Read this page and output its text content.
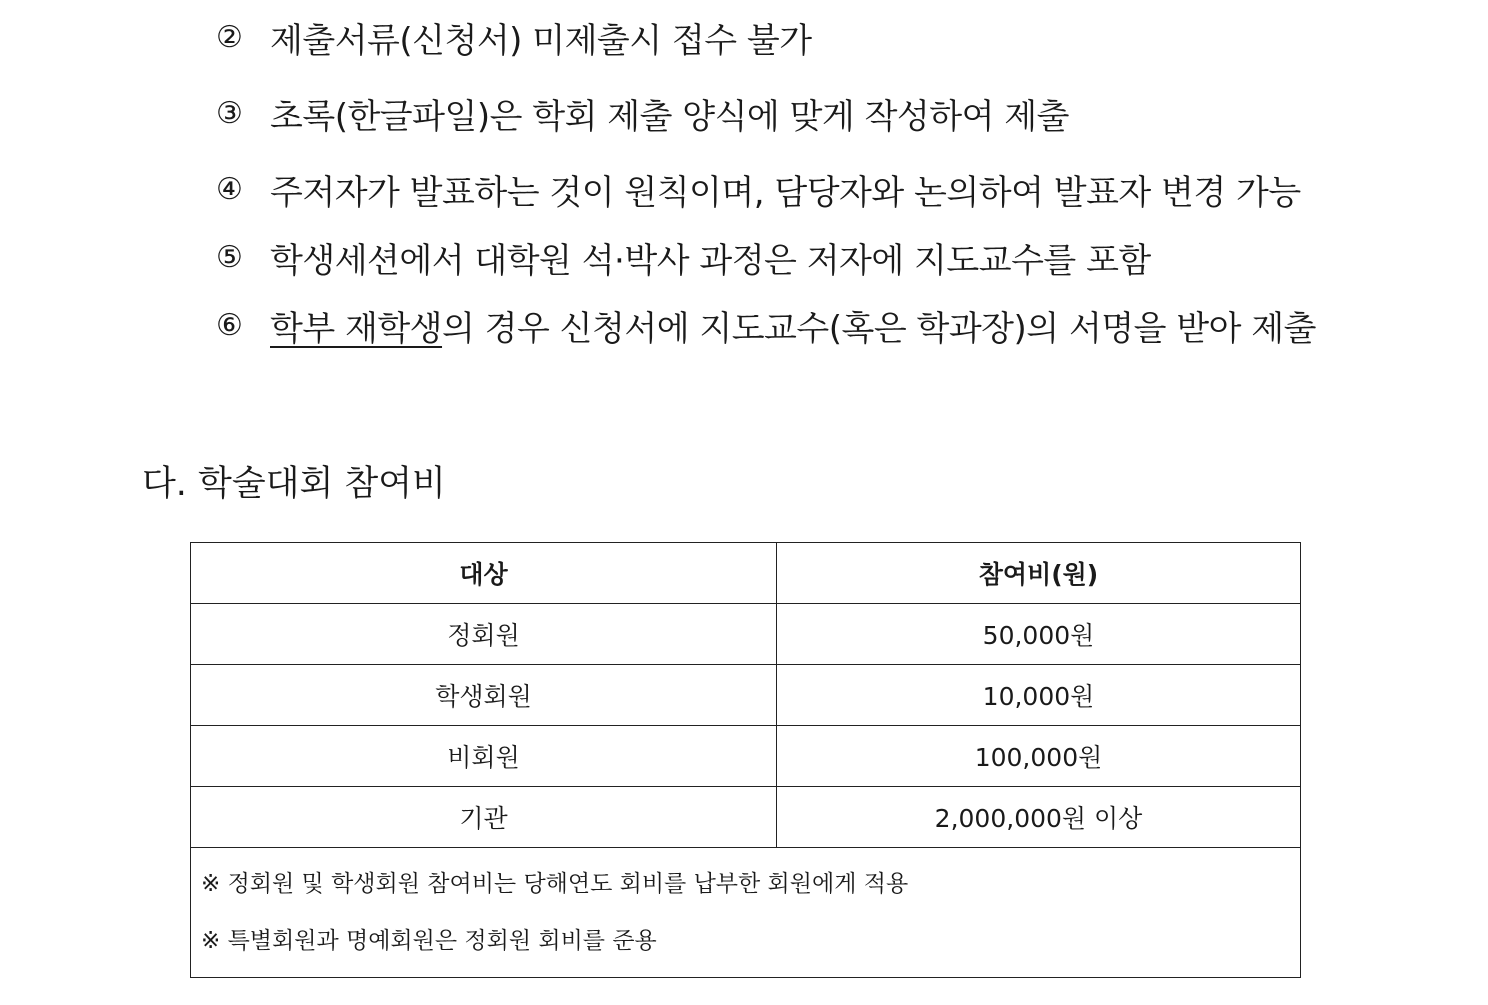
② 제출서류(신청서) 미제출시 접수 불가
③ 초록(한글파일)은 학회 제출 양식에 맞게 작성하여 제출
④ 주저자가 발표하는 것이 원칙이며, 담당자와 논의하여 발표자 변경 가능
⑤ 학생세션에서 대학원 석·박사 과정은 저자에 지도교수를 포함
⑥ 학부 재학생 의 경우 신청서에 지도교수(혹은 학과장)의 서명을 받아 제출
다. 학술대회 참여비
대상	참여비(원)
정회원	50,000원
학생회원	10,000원
비회원	100,000원
기관	2,000,000원 이상

※ 정회원 및 학생회원 참여비는 당해연도 회비를 납부한 회원에게 적용
※ 특별회원과 명예회원은 정회원 회비를 준용	
